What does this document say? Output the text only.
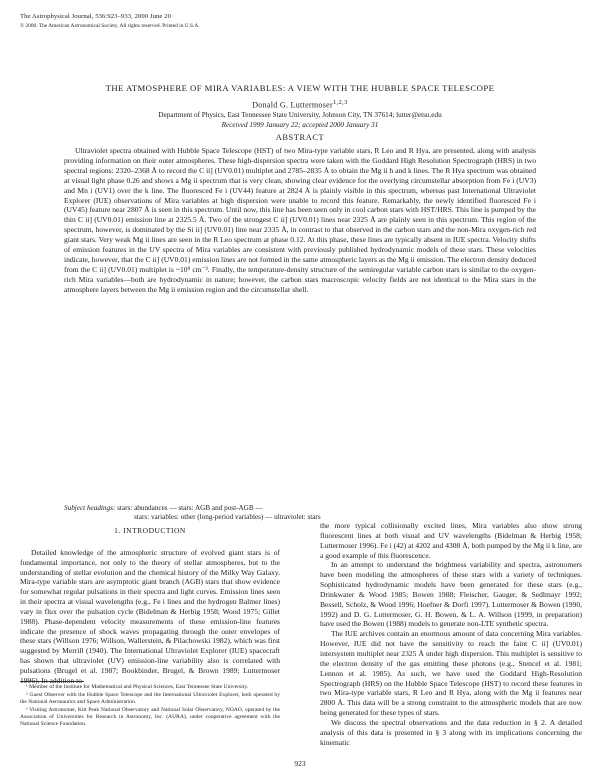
The Astrophysical Journal, 536:923–933, 2000 June 20
© 2000. The American Astronomical Society. All rights reserved. Printed in U.S.A.
THE ATMOSPHERE OF MIRA VARIABLES: A VIEW WITH THE HUBBLE SPACE TELESCOPE
Donald G. Luttermoser$^{1,2,3}$
Department of Physics, East Tennessee State University, Johnson City, TN 37614; lutter@etsu.edu
Received 1999 January 22; accepted 2000 January 31
ABSTRACT
Ultraviolet spectra obtained with Hubble Space Telescope (HST) of two Mira-type variable stars, R Leo and R Hya, are presented, along with analysis providing information on their outer atmospheres. These high-dispersion spectra were taken with the Goddard High Resolution Spectrograph (HRS) in two spectral regions: 2320–2368 Å to record the C ii] (UV0.01) multiplet and 2785–2835 Å to obtain the Mg ii h and k lines. The R Hya spectrum was obtained at visual light phase 0.26 and shows a Mg ii spectrum that is very clean, showing clear evidence for the overlying circumstellar absorption from Fe i (UV3) and Mn i (UV1) over the k line. The fluoresced Fe i (UV44) feature at 2824 Å is plainly visible in this spectrum, whereas past International Ultraviolet Explorer (IUE) observations of Mira variables at high dispersion were unable to record this feature. Remarkably, the newly identified fluoresced Fe i (UV45) feature near 2807 Å is seen in this spectrum. Until now, this line has been seen only in cool carbon stars with HST/HRS. This line is pumped by the thin C ii] (UV0.01) emission line at 2325.5 Å. Two of the strongest C ii] (UV0.01) lines near 2325 Å are plainly seen in this spectrum. This region of the spectrum, however, is dominated by the Si ii] (UV0.01) line near 2335 Å, in contrast to that observed in the carbon stars and the non-Mira oxygen-rich red giant stars. Very weak Mg ii lines are seen in the R Leo spectrum at phase 0.12. At this phase, these lines are typically absent in IUE spectra. Velocity shifts of emission features in the UV spectra of Mira variables are consistent with previously published hydrodynamic models of these stars. These velocities indicate, however, that the C ii] (UV0.01) emission lines are not formed in the same atmospheric layers as the Mg ii emission. The electron density deduced from the C ii] (UV0.01) multiplet is ~10⁹ cm⁻³. Finally, the temperature-density structure of the semiregular variable carbon stars is similar to the oxygen-rich Mira variables—both are hydrodynamic in nature; however, the carbon stars macroscopic velocity fields are not identical to the Mira stars in the atmosphere layers between the Mg ii emission region and the circumstellar shell.
Subject headings: stars: abundances — stars: AGB and post-AGB —
stars: variables: other (long-period variables) — ultraviolet: stars
1. INTRODUCTION

Detailed knowledge of the atmospheric structure of evolved giant stars is of fundamental importance, not only to the theory of stellar atmospheres, but to the understanding of stellar evolution and the chemical history of the Milky Way Galaxy. Mira-type variable stars are asymptotic giant branch (AGB) stars that show evidence for somewhat regular pulsations in their spectra and light curves. Emission lines seen in their spectra at visual wavelengths (e.g., Fe i lines and the hydrogen Balmer lines) vary in flux over the pulsation cycle (Bidelman & Herbig 1958; Wood 1975; Gillet 1988). Phase-dependent velocity measurements of these emission-line features indicate the presence of shock waves propagating through the outer envelopes of these stars (Willson 1976; Willson, Wallerstein, & Pilachowski 1982), which was first suggested by Merrill (1940). The International Ultraviolet Explorer (IUE) spacecraft has shown that ultraviolet (UV) emission-line variability also is correlated with pulsations (Brugel et al. 1987; Bookbinder, Brugel, & Brown 1989; Luttermoser 1996). In addition to

¹ Member of the Institute for Mathematical and Physical Sciences, East Tennessee State University.

² Guest Observer with the Hubble Space Telescope and the International Ultraviolet Explorer, both operated by the National Aeronautics and Space Administration.

³ Visiting Astronomer, Kitt Peak National Observatory and National Solar Observatory, NOAO, operated by the Association of Universities for Research in Astronomy, Inc. (AURA), under cooperative agreement with the National Science Foundation.

the more typical collisionally excited lines, Mira variables also show strong fluorescent lines at both visual and UV wavelengths (Bidelman & Herbig 1958; Luttermoser 1996). Fe i (42) at 4202 and 4308 Å, both pumped by the Mg ii k line, are a good example of this fluorescence.

In an attempt to understand the brightness variability and spectra, astronomers have been modeling the atmospheres of these stars with a variety of techniques. Sophisticated hydrodynamic models have been generated for these stars (e.g., Drinkwater & Wood 1985; Bowen 1988; Fleischer, Gauger, & Sedlmayr 1992; Bessell, Scholz, & Wood 1996; Hoefner & Dorfi 1997). Luttermoser & Bowen (1990, 1992) and D. G. Luttermoser, G. H. Bowen, & L. A. Willson (1999, in preparation) have used the Bowen (1988) models to generate non-LTE synthetic spectra.

The IUE archives contain an enormous amount of data concerning Mira variables. However, IUE did not have the sensitivity to reach the faint C ii] (UV0.01) intersystem multiplet near 2325 Å under high dispersion. This multiplet is sensitive to the electron density of the gas emitting these photons (e.g., Stencel et al. 1981; Lennon et al. 1985). As such, we have used the Goddard High-Resolution Spectrograph (HRS) on the Hubble Space Telescope (HST) to record these features in two Mira-type variable stars, R Leo and R Hya, along with the Mg ii features near 2800 Å. This data will be a strong constraint to the atmospheric models that are now being generated for these types of stars.

We discuss the spectral observations and the data reduction in § 2. A detailed analysis of this data is presented in § 3 along with its implications concerning the kinematic

923
